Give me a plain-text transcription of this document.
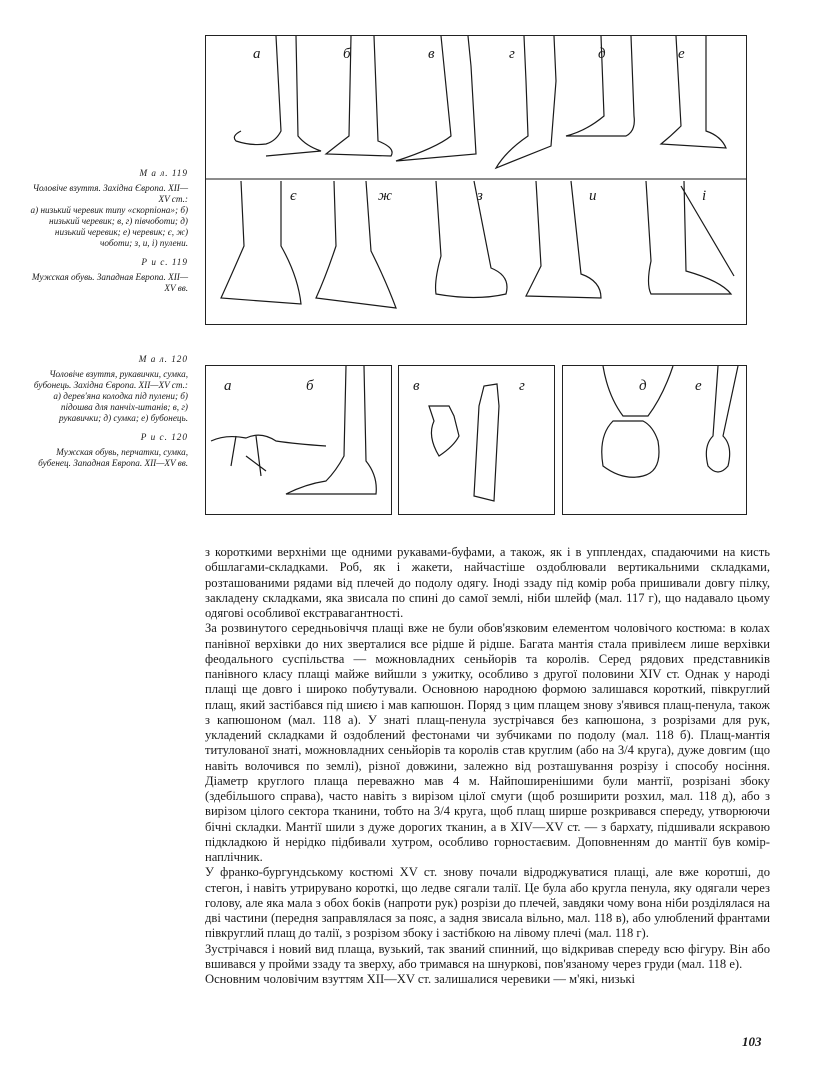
М а л. 119
Чоловіче взуття. Західна Європа. XII—XV ст.:
а) низький черевик типу «скорпіона»; б) низький черевик; в, г) півчоботи; д) низький черевик; е) черевик; є, ж) чоботи; з, и, і) пулени.
Р и с. 119
Мужская обувь. Западная Европа. XII—XV вв.
М а л. 120
Чоловіче взуття, рукавички, сумка, бубонець. Західна Європа. XII—XV ст.:
а) дерев'яна колодка під пулени; б) підошва для панчіх-штанів; в, г) рукавички; д) сумка; е) бубонець.
Р и с. 120
Мужская обувь, перчатки, сумка, бубенец. Западная Европа. XII—XV вв.
а	б	в	г	д	е
є	ж	з	и	і
а	б	в	г	д	е

з короткими верхніми ще одними рукавами-буфами, а також, як і в упплендах, спадаючими на кисть обшлагами-складками. Роб, як і жакети, найчастіше оздоблювали вертикальними складками, розташованими рядами від плечей до подолу одягу. Іноді ззаду під комір роба пришивали довгу пілку, закладену складками, яка звисала по спині до самої землі, ніби шлейф (мал. 117 г), що надавало цьому одягові особливої екстравагантності.

За розвинутого середньовіччя плащі вже не були обов'язковим елементом чоловічого костюма: в колах панівної верхівки до них зверталися все рідше й рідше. Багата мантія стала привілеєм лише верхівки феодального суспільства — можновладних сеньйорів та королів. Серед рядових представників панівного класу плащі майже вийшли з ужитку, особливо з другої половини XIV ст. Однак у народі плащі ще довго і широко побутували. Основною народною формою залишався короткий, півкруглий плащ, який застібався під шиєю і мав капюшон. Поряд з цим плащем знову з'явився плащ-пенула, також з капюшоном (мал. 118 а). У знаті плащ-пенула зустрічався без капюшона, з розрізами для рук, укладений складками й оздоблений фестонами чи зубчиками по подолу (мал. 118 б). Плащ-мантія титулованої знаті, можновладних сеньйорів та королів став круглим (або на 3/4 круга), дуже довгим (що навіть волочився по землі), різної довжини, залежно від розташування розрізу і способу носіння. Діаметр круглого плаща переважно мав 4 м. Найпоширенішими були мантії, розрізані збоку (здебільшого справа), часто навіть з вирізом цілої смуги (щоб розширити розхил, мал. 118 д), або з вирізом цілого сектора тканини, тобто на 3/4 круга, щоб плащ ширше розкривався спереду, утворюючи бічні складки. Мантії шили з дуже дорогих тканин, а в XIV—XV ст. — з бархату, підшивали яскравою підкладкою й нерідко підбивали хутром, особливо горностаєвим. Доповненням до мантії був комір-наплічник.

У франко-бургундському костюмі XV ст. знову почали відроджуватися плащі, але вже коротші, до стегон, і навіть утрирувано короткі, що ледве сягали талії. Це була або кругла пенула, яку одягали через голову, але яка мала з обох боків (напроти рук) розрізи до плечей, завдяки чому вона ніби розділялася на дві частини (передня заправлялася за пояс, а задня звисала вільно, мал. 118 в), або улюблений франтами півкруглий плащ до талії, з розрізом збоку і застібкою на лівому плечі (мал. 118 г).

Зустрічався і новий вид плаща, вузький, так званий спинний, що відкривав спереду всю фігуру. Він або вшивався у пройми ззаду та зверху, або тримався на шнуркові, пов'язаному через груди (мал. 118 е).

Основним чоловічим взуттям XII—XV ст. залишалися черевики — м'які, низькі

103
